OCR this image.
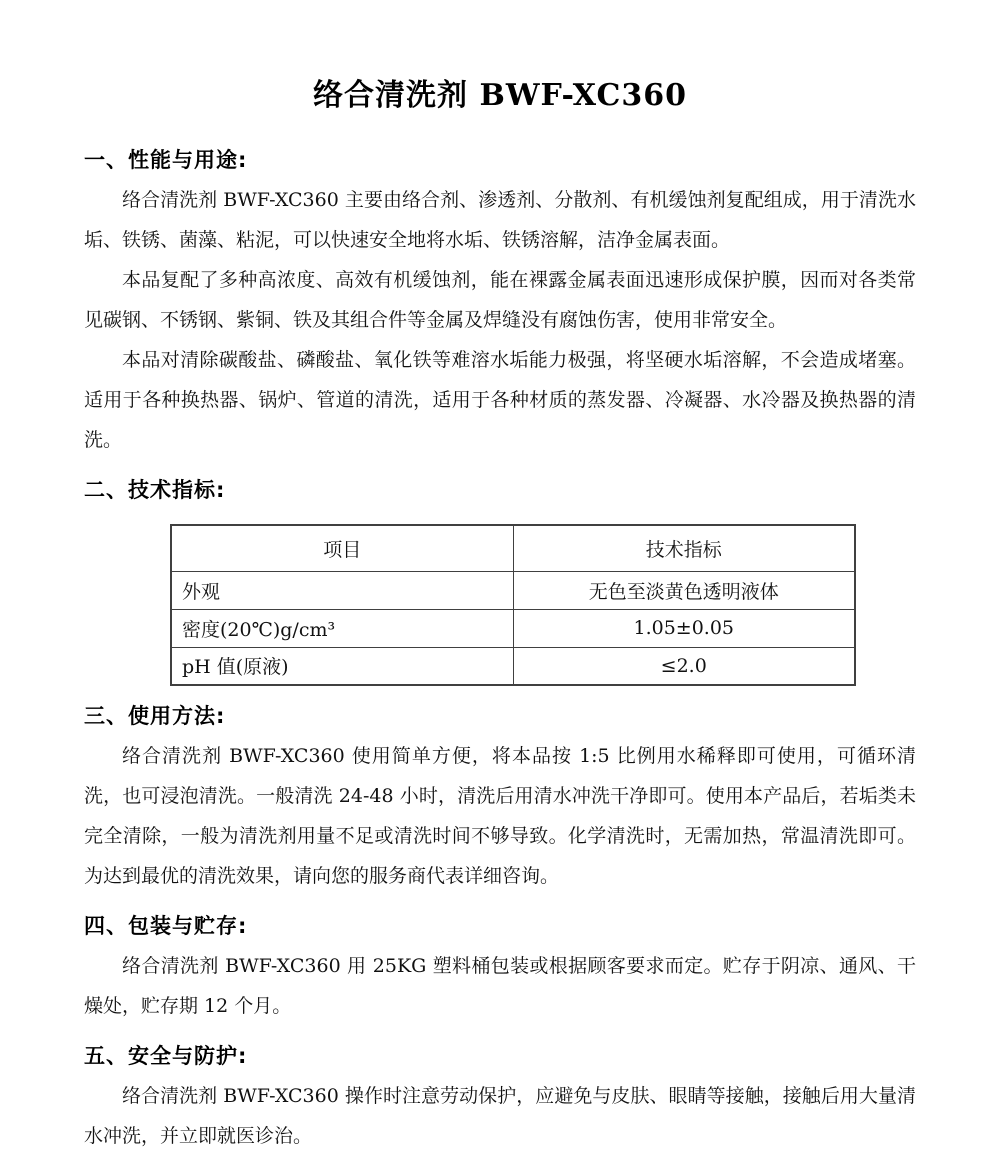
络合清洗剂 BWF-XC360
一、性能与用途:

络合清洗剂 BWF-XC360 主要由络合剂、渗透剂、分散剂、有机缓蚀剂复配组成，用于清洗水垢、铁锈、菌藻、粘泥，可以快速安全地将水垢、铁锈溶解，洁净金属表面。

本品复配了多种高浓度、高效有机缓蚀剂，能在裸露金属表面迅速形成保护膜，因而对各类常见碳钢、不锈钢、紫铜、铁及其组合件等金属及焊缝没有腐蚀伤害，使用非常安全。

本品对清除碳酸盐、磷酸盐、氧化铁等难溶水垢能力极强，将坚硬水垢溶解，不会造成堵塞。适用于各种换热器、锅炉、管道的清洗，适用于各种材质的蒸发器、冷凝器、水冷器及换热器的清洗。

二、技术指标:
项目	技术指标
外观	无色至淡黄色透明液体
密度(20℃)g/cm³	1.05±0.05
pH 值(原液)	≤2.0
三、使用方法:

络合清洗剂 BWF-XC360 使用简单方便，将本品按 1:5 比例用水稀释即可使用，可循环清洗，也可浸泡清洗。一般清洗 24-48 小时，清洗后用清水冲洗干净即可。使用本产品后，若垢类未完全清除，一般为清洗剂用量不足或清洗时间不够导致。化学清洗时，无需加热，常温清洗即可。为达到最优的清洗效果，请向您的服务商代表详细咨询。

四、包装与贮存:

络合清洗剂 BWF-XC360 用 25KG 塑料桶包装或根据顾客要求而定。贮存于阴凉、通风、干燥处，贮存期 12 个月。

五、安全与防护:

络合清洗剂 BWF-XC360 操作时注意劳动保护，应避免与皮肤、眼睛等接触，接触后用大量清水冲洗，并立即就医诊治。
